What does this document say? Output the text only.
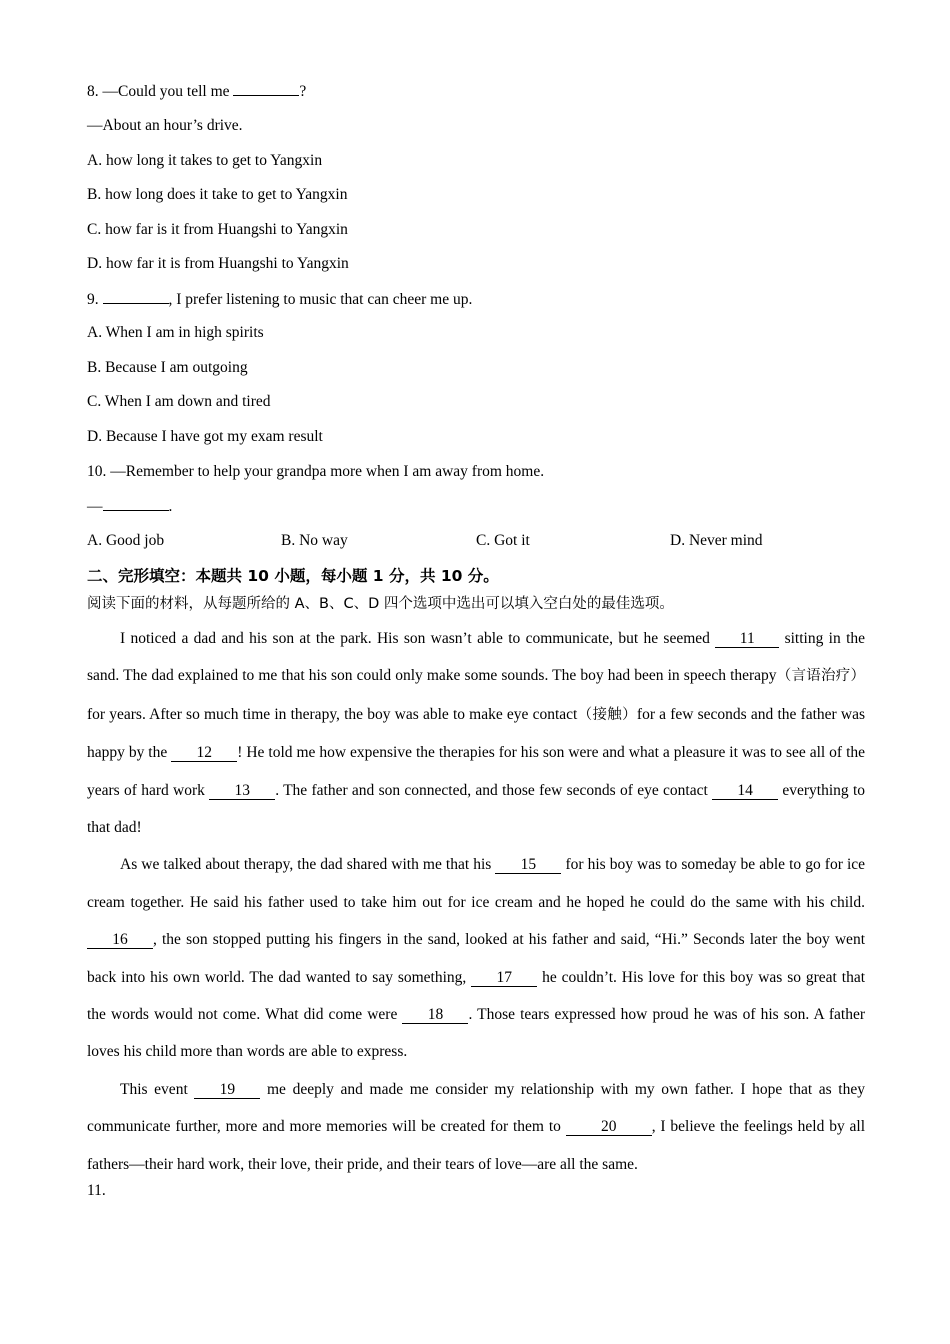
8. —Could you tell me	?
—About an hour’s drive.
A. how long it takes to get to Yangxin
B. how long does it take to get to Yangxin
C. how far is it from Huangshi to Yangxin
D. how far it is from Huangshi to Yangxin
9.	, I prefer listening to music that can cheer me up.
A. When I am in high spirits
B. Because I am outgoing
C. When I am down and tired
D. Because I have got my exam result
10. —Remember to help your grandpa more when I am away from home.
—	.
A. Good job	B. No way	C. Got it	D. Never mind
二、完形填空：本题共 10 小题，每小题 1 分，共 10 分。
阅读下面的材料，从每题所给的 A、B、C、D 四个选项中选出可以填入空白处的最佳选项。

I noticed a dad and his son at the park. His son wasn’t able to communicate, but he seemed 11 sitting in the sand. The dad explained to me that his son could only make some sounds. The boy had been in speech therapy（言语治疗）for years. After so much time in therapy, the boy was able to make eye contact（接触）for a few seconds and the father was happy by the 12 ! He told me how expensive the therapies for his son were and what a pleasure it was to see all of the years of hard work 13 . The father and son connected, and those few seconds of eye contact 14 everything to that dad!

As we talked about therapy, the dad shared with me that his 15 for his boy was to someday be able to go for ice cream together. He said his father used to take him out for ice cream and he hoped he could do the same with his child. 16 , the son stopped putting his fingers in the sand, looked at his father and said, “Hi.” Seconds later the boy went back into his own world. The dad wanted to say something, 17 he couldn’t. His love for this boy was so great that the words would not come. What did come were 18 . Those tears expressed how proud he was of his son. A father loves his child more than words are able to express.

This event 19 me deeply and made me consider my relationship with my own father. I hope that as they communicate further, more and more memories will be created for them to 20 , I believe the feelings held by all fathers—their hard work, their love, their pride, and their tears of love—are all the same.

11.
